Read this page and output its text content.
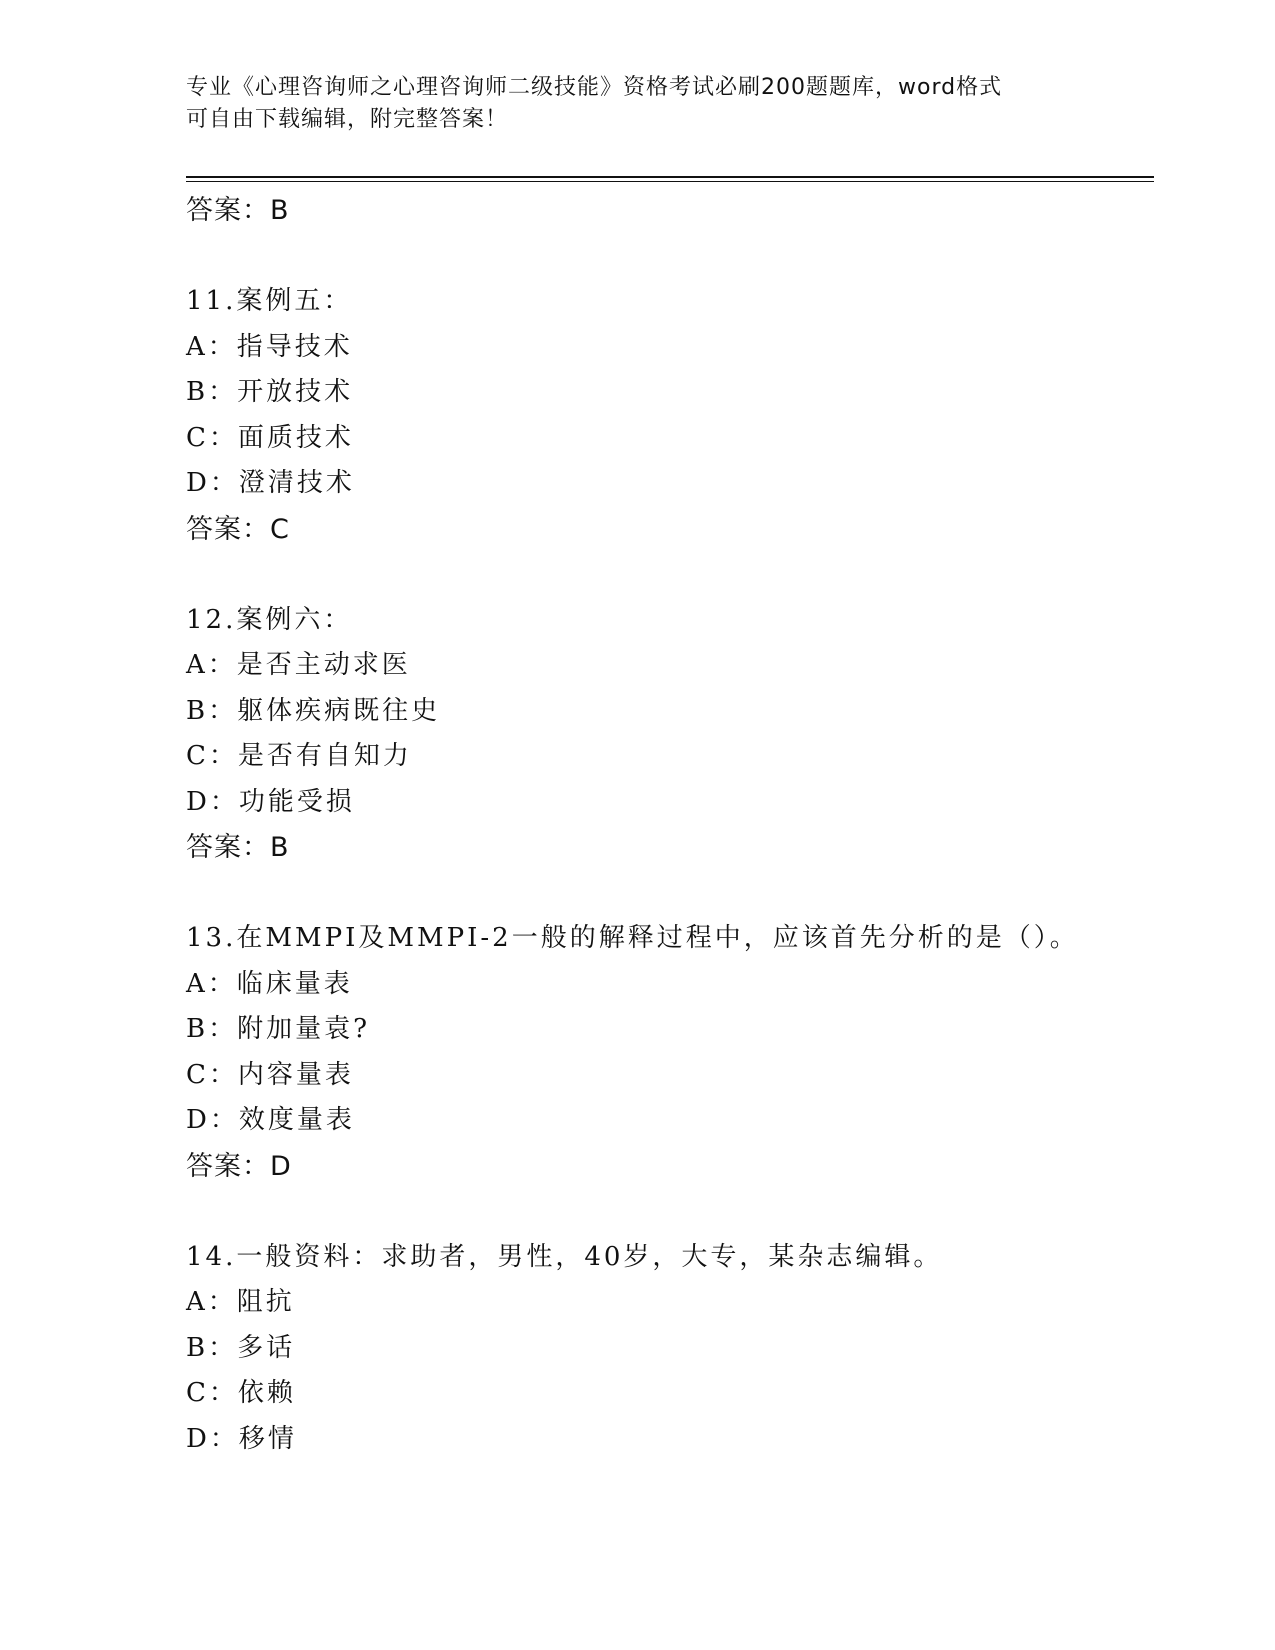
专业《心理咨询师之心理咨询师二级技能》资格考试必刷200题题库，word格式
可自由下载编辑，附完整答案！
答案：B
11.案例五：
A：指导技术
B：开放技术
C：面质技术
D：澄清技术
答案：C
12.案例六：
A：是否主动求医
B：躯体疾病既往史
C：是否有自知力
D：功能受损
答案：B
13.在MMPI及MMPI-2一般的解释过程中，应该首先分析的是（）。
A：临床量表
B：附加量袁?
C：内容量表
D：效度量表
答案：D
14.一般资料：求助者，男性，40岁，大专，某杂志编辑。
A：阻抗
B：多话
C：依赖
D：移情
